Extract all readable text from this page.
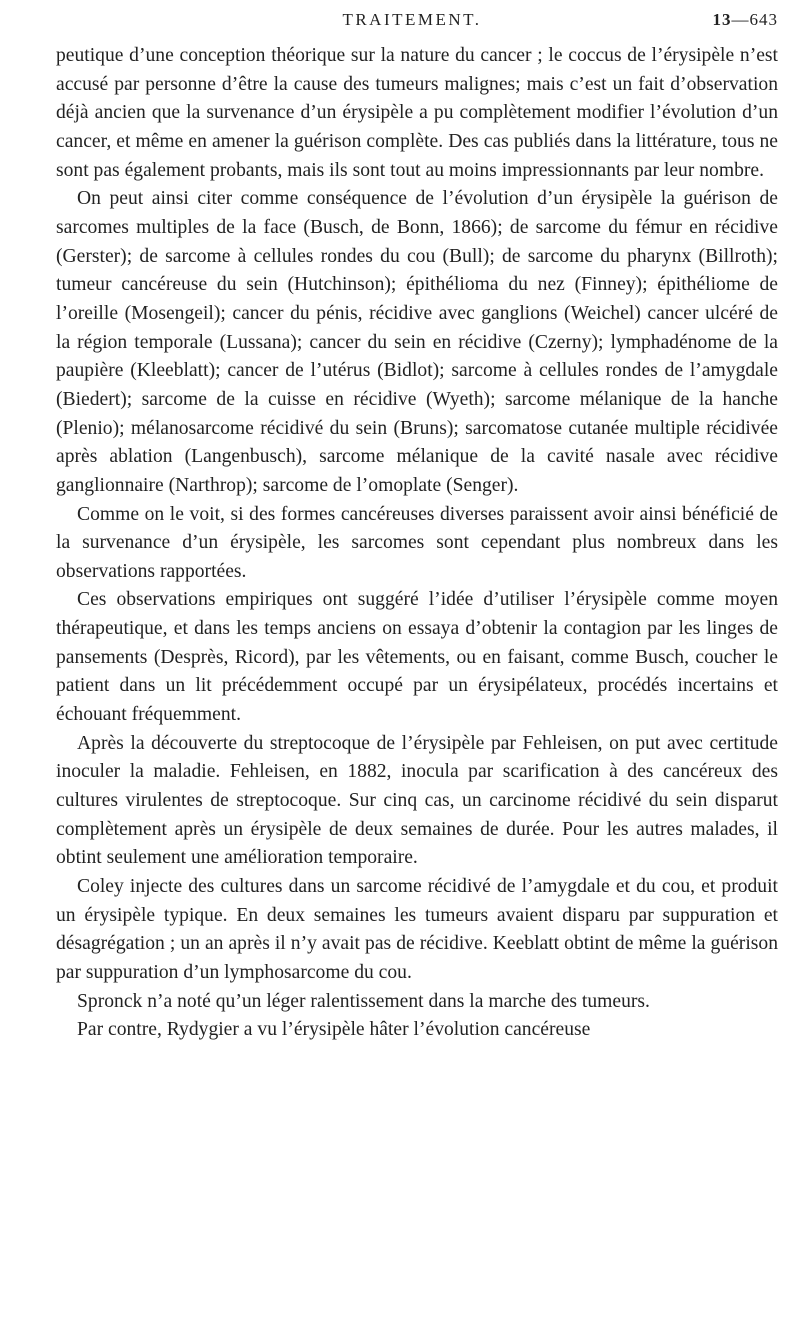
TRAITEMENT.	13—643

peutique d’une conception théorique sur la nature du cancer ; le coccus de l’érysipèle n’est accusé par personne d’être la cause des tumeurs malignes; mais c’est un fait d’observation déjà ancien que la survenance d’un érysipèle a pu complètement modifier l’évolution d’un cancer, et même en amener la guérison complète. Des cas publiés dans la littérature, tous ne sont pas également probants, mais ils sont tout au moins impressionnants par leur nombre.

On peut ainsi citer comme conséquence de l’évolution d’un érysipèle la guérison de sarcomes multiples de la face (Busch, de Bonn, 1866); de sarcome du fémur en récidive (Gerster); de sarcome à cellules rondes du cou (Bull); de sarcome du pharynx (Billroth); tumeur cancéreuse du sein (Hutchinson); épithélioma du nez (Finney); épithéliome de l’oreille (Mosengeil); cancer du pénis, récidive avec ganglions (Weichel) cancer ulcéré de la région temporale (Lussana); cancer du sein en récidive (Czerny); lymphadénome de la paupière (Kleeblatt); cancer de l’utérus (Bidlot); sarcome à cellules rondes de l’amygdale (Biedert); sarcome de la cuisse en récidive (Wyeth); sarcome mélanique de la hanche (Plenio); mélanosarcome récidivé du sein (Bruns); sarcomatose cutanée multiple récidivée après ablation (Langenbusch), sarcome mélanique de la cavité nasale avec récidive ganglionnaire (Narthrop); sarcome de l’omoplate (Senger).

Comme on le voit, si des formes cancéreuses diverses paraissent avoir ainsi bénéficié de la survenance d’un érysipèle, les sarcomes sont cependant plus nombreux dans les observations rapportées.

Ces observations empiriques ont suggéré l’idée d’utiliser l’érysipèle comme moyen thérapeutique, et dans les temps anciens on essaya d’obtenir la contagion par les linges de pansements (Desprès, Ricord), par les vêtements, ou en faisant, comme Busch, coucher le patient dans un lit précédemment occupé par un érysipélateux, procédés incertains et échouant fréquemment.

Après la découverte du streptocoque de l’érysipèle par Fehleisen, on put avec certitude inoculer la maladie. Fehleisen, en 1882, inocula par scarification à des cancéreux des cultures virulentes de streptocoque. Sur cinq cas, un carcinome récidivé du sein disparut complètement après un érysipèle de deux semaines de durée. Pour les autres malades, il obtint seulement une amélioration temporaire.

Coley injecte des cultures dans un sarcome récidivé de l’amygdale et du cou, et produit un érysipèle typique. En deux semaines les tumeurs avaient disparu par suppuration et désagrégation ; un an après il n’y avait pas de récidive. Keeblatt obtint de même la guérison par suppuration d’un lymphosarcome du cou.

Spronck n’a noté qu’un léger ralentissement dans la marche des tumeurs.

Par contre, Rydygier a vu l’érysipèle hâter l’évolution cancéreuse
